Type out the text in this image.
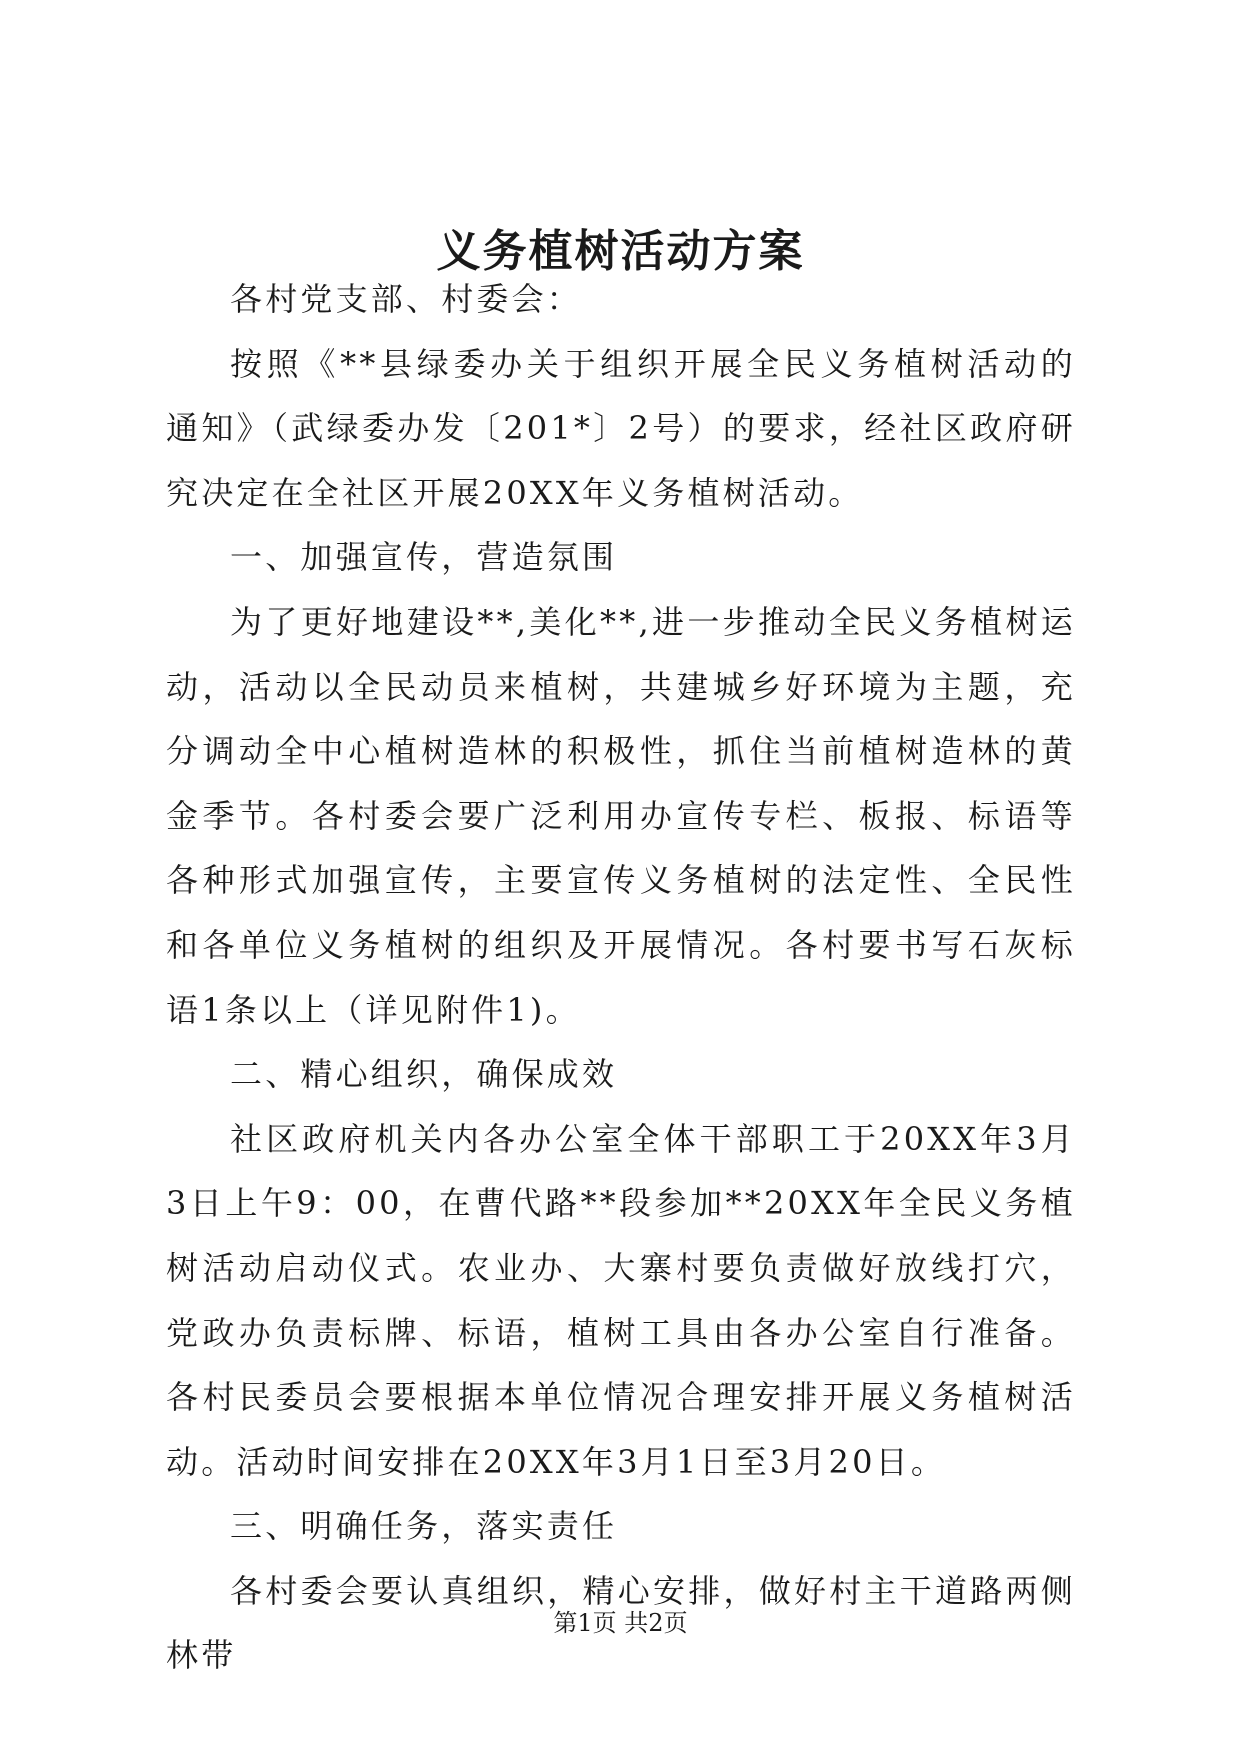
义务植树活动方案

各村党支部、村委会：

按照《**县绿委办关于组织开展全民义务植树活动的通知》（武绿委办发〔201*〕2号）的要求，经社区政府研究决定在全社区开展20XX年义务植树活动。

一、加强宣传，营造氛围

为了更好地建设**,美化**,进一步推动全民义务植树运动，活动以全民动员来植树，共建城乡好环境为主题，充分调动全中心植树造林的积极性，抓住当前植树造林的黄金季节。各村委会要广泛利用办宣传专栏、板报、标语等各种形式加强宣传，主要宣传义务植树的法定性、全民性和各单位义务植树的组织及开展情况。各村要书写石灰标语1条以上（详见附件1)。

二、精心组织，确保成效

社区政府机关内各办公室全体干部职工于20XX年3月3日上午9：00，在曹代路**段参加**20XX年全民义务植树活动启动仪式。农业办、大寨村要负责做好放线打穴，党政办负责标牌、标语，植树工具由各办公室自行准备。各村民委员会要根据本单位情况合理安排开展义务植树活动。活动时间安排在20XX年3月1日至3月20日。

三、明确任务，落实责任

各村委会要认真组织，精心安排，做好村主干道路两侧林带

第1页 共2页
